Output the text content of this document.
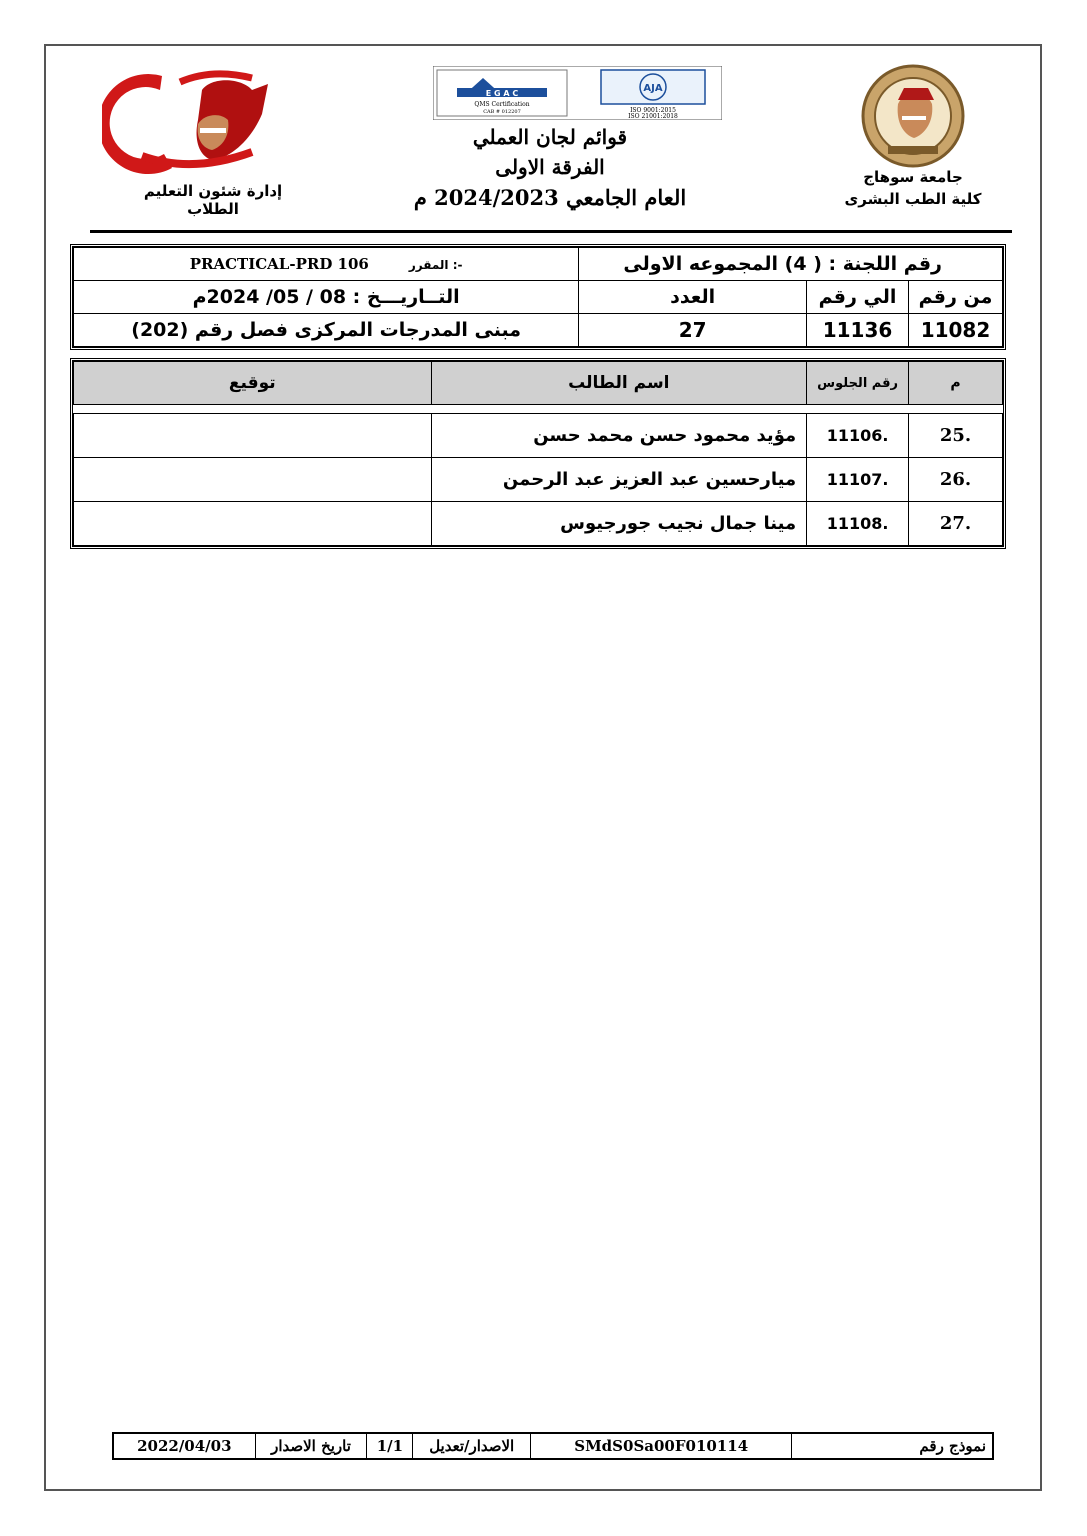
إدارة شئون التعليم الطلاب
E G A C
QMS Certification
CAB # 012207
AJA
ISO 9001:2015
ISO 21001:2018
قوائم لجان العملي
الفرقة الاولى
العام الجامعي 2024/2023 م
جامعة سوهاج
كلية الطب البشرى
PRACTICAL-PRD 106 المقرر :-	رقم اللجنة : ( 4) المجموعه الاولى		
التــاريـــخ : 08 / 05/ 2024م	العدد	الي رقم	من رقم
مبنى المدرجات المركزى فصل رقم (202)	27	11136	11082
توقيع	اسم الطالب	رقم الجلوس	م

	مؤيد محمود حسن محمد حسن	11106.	25.
	ميارحسين عبد العزيز عبد الرحمن	11107.	26.
	مينا جمال نجيب جورجيوس	11108.	27.
2022/04/03	تاريخ الاصدار	1/1	الاصدار/تعديل	SMdS0Sa00F010114	نموذج رقم
